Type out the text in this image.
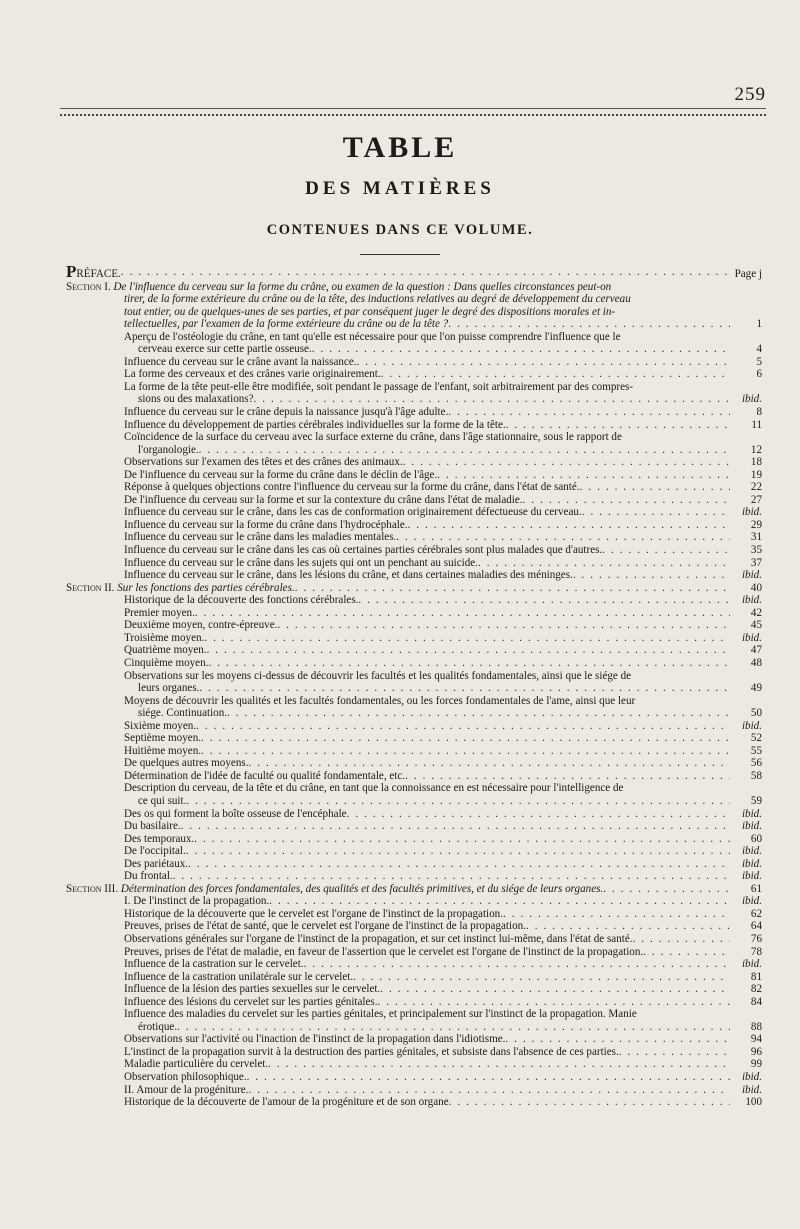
259
TABLE
DES MATIÈRES
CONTENUES DANS CE VOLUME.
PRÉFACE. . . .	Page j
Section I. De l'influence du cerveau sur la forme du crâne, ou examen de la question : Dans quelles circonstances peut-on
tirer, de la forme extérieure du crâne ou de la tête, des inductions relatives au degré de développement du cerveau
tout entier, ou de quelques-unes de ses parties, et par conséquent juger le degré des dispositions morales et in-
tellectuelles, par l'examen de la forme extérieure du crâne ou de la tête ? . . .	1
Aperçu de l'ostéologie du crâne, en tant qu'elle est nécessaire pour que l'on puisse comprendre l'influence que le
cerveau exerce sur cette partie osseuse. . . .	4
Influence du cerveau sur le crâne avant la naissance. . . .	5
La forme des cerveaux et des crânes varie originairement. . . .	6
La forme de la tête peut-elle être modifiée, soit pendant le passage de l'enfant, soit arbitrairement par des compres-
sions ou des malaxations? . . .	ibid.
Influence du cerveau sur le crâne depuis la naissance jusqu'à l'âge adulte. . . .	8
Influence du développement de parties cérébrales individuelles sur la forme de la tête. . . .	11
Coïncidence de la surface du cerveau avec la surface externe du crâne, dans l'âge stationnaire, sous le rapport de
l'organologie. . . .	12
Observations sur l'examen des têtes et des crânes des animaux. . . .	18
De l'influence du cerveau sur la forme du crâne dans le déclin de l'âge. . . .	19
Réponse à quelques objections contre l'influence du cerveau sur la forme du crâne, dans l'état de santé. . . .	22
De l'influence du cerveau sur la forme et sur la contexture du crâne dans l'état de maladie. . . .	27
Influence du cerveau sur le crâne, dans les cas de conformation originairement défectueuse du cerveau. . . .	ibid.
Influence du cerveau sur la forme du crâne dans l'hydrocéphale. . . .	29
Influence du cerveau sur le crâne dans les maladies mentales. . . .	31
Influence du cerveau sur le crâne dans les cas où certaines parties cérébrales sont plus malades que d'autres. . . .	35
Influence du cerveau sur le crâne dans les sujets qui ont un penchant au suicide. . . .	37
Influence du cerveau sur le crâne, dans les lésions du crâne, et dans certaines maladies des méninges. . . .	ibid.
Section II. Sur les fonctions des parties cérébrales. . . .	40
Historique de la découverte des fonctions cérébrales. . . .	ibid.
Premier moyen. . . .	42
Deuxième moyen, contre-épreuve. . . .	45
Troisième moyen. . . .	ibid.
Quatrième moyen. . . .	47
Cinquième moyen. . . .	48
Observations sur les moyens ci-dessus de découvrir les facultés et les qualités fondamentales, ainsi que le siége de
leurs organes. . . .	49
Moyens de découvrir les qualités et les facultés fondamentales, ou les forces fondamentales de l'ame, ainsi que leur
siége. Continuation. . . .	50
Sixième moyen. . . .	ibid.
Septième moyen. . . .	52
Huitième moyen. . . .	55
De quelques autres moyens. . . .	56
Détermination de l'idée de faculté ou qualité fondamentale, etc. . . .	58
Description du cerveau, de la tête et du crâne, en tant que la connoissance en est nécessaire pour l'intelligence de
ce qui suit. . . .	59
Des os qui forment la boîte osseuse de l'encéphale . . .	ibid.
Du basilaire. . . .	ibid.
Des temporaux. . . .	60
De l'occipital. . . .	ibid.
Des pariétaux. . . .	ibid.
Du frontal. . . .	ibid.
Section III. Détermination des forces fondamentales, des qualités et des facultés primitives, et du siége de leurs organes. . . .	61
I. De l'instinct de la propagation. . . .	ibid.
Historique de la découverte que le cervelet est l'organe de l'instinct de la propagation. . . .	62
Preuves, prises de l'état de santé, que le cervelet est l'organe de l'instinct de la propagation. . . .	64
Observations générales sur l'organe de l'instinct de la propagation, et sur cet instinct lui-même, dans l'état de santé. . . .	76
Preuves, prises de l'état de maladie, en faveur de l'assertion que le cervelet est l'organe de l'instinct de la propagation. . . .	78
Influence de la castration sur le cervelet. . . .	ibid.
Influence de la castration unilatérale sur le cervelet. . . .	81
Influence de la lésion des parties sexuelles sur le cervelet. . . .	82
Influence des lésions du cervelet sur les parties génitales. . . .	84
Influence des maladies du cervelet sur les parties génitales, et principalement sur l'instinct de la propagation. Manie
érotique. . . .	88
Observations sur l'activité ou l'inaction de l'instinct de la propagation dans l'idiotisme. . . .	94
L'instinct de la propagation survit à la destruction des parties génitales, et subsiste dans l'absence de ces parties. . . .	96
Maladie particulière du cervelet. . . .	99
Observation philosophique. . . .	ibid.
II. Amour de la progéniture. . . .	ibid.
Historique de la découverte de l'amour de la progéniture et de son organe . . .	100
